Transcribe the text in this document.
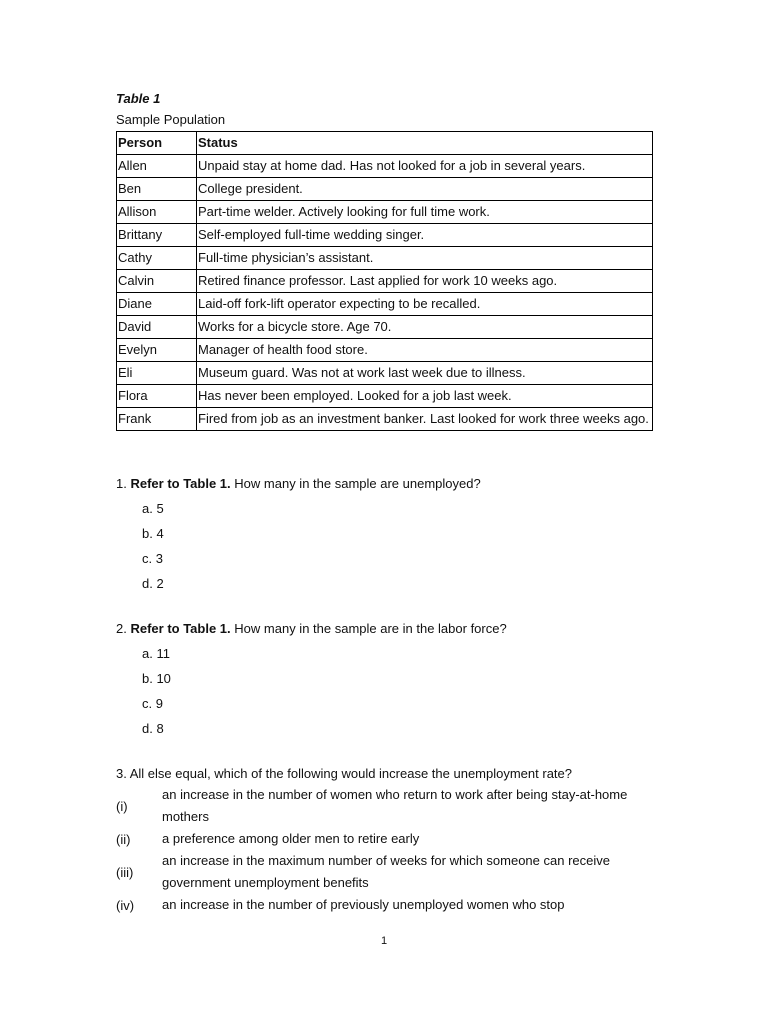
Table 1
Sample Population
Person	Status
Allen	Unpaid stay at home dad. Has not looked for a job in several years.
Ben	College president.
Allison	Part-time welder. Actively looking for full time work.
Brittany	Self-employed full-time wedding singer.
Cathy	Full-time physician’s assistant.
Calvin	Retired finance professor. Last applied for work 10 weeks ago.
Diane	Laid-off fork-lift operator expecting to be recalled.
David	Works for a bicycle store. Age 70.
Evelyn	Manager of health food store.
Eli	Museum guard. Was not at work last week due to illness.
Flora	Has never been employed. Looked for a job last week.
Frank	Fired from job as an investment banker. Last looked for work three weeks ago.
1. Refer to Table 1. How many in the sample are unemployed?
a. 5
b. 4
c. 3
d. 2
2. Refer to Table 1. How many in the sample are in the labor force?
a. 11
b. 10
c. 9
d. 8
3. All else equal, which of the following would increase the unemployment rate?
(i)
an increase in the number of women who return to work after being stay-at-home mothers
(ii)	a preference among older men to retire early
(iii)
an increase in the maximum number of weeks for which someone can receive government unemployment benefits
(iv)	an increase in the number of previously unemployed women who stop
1
